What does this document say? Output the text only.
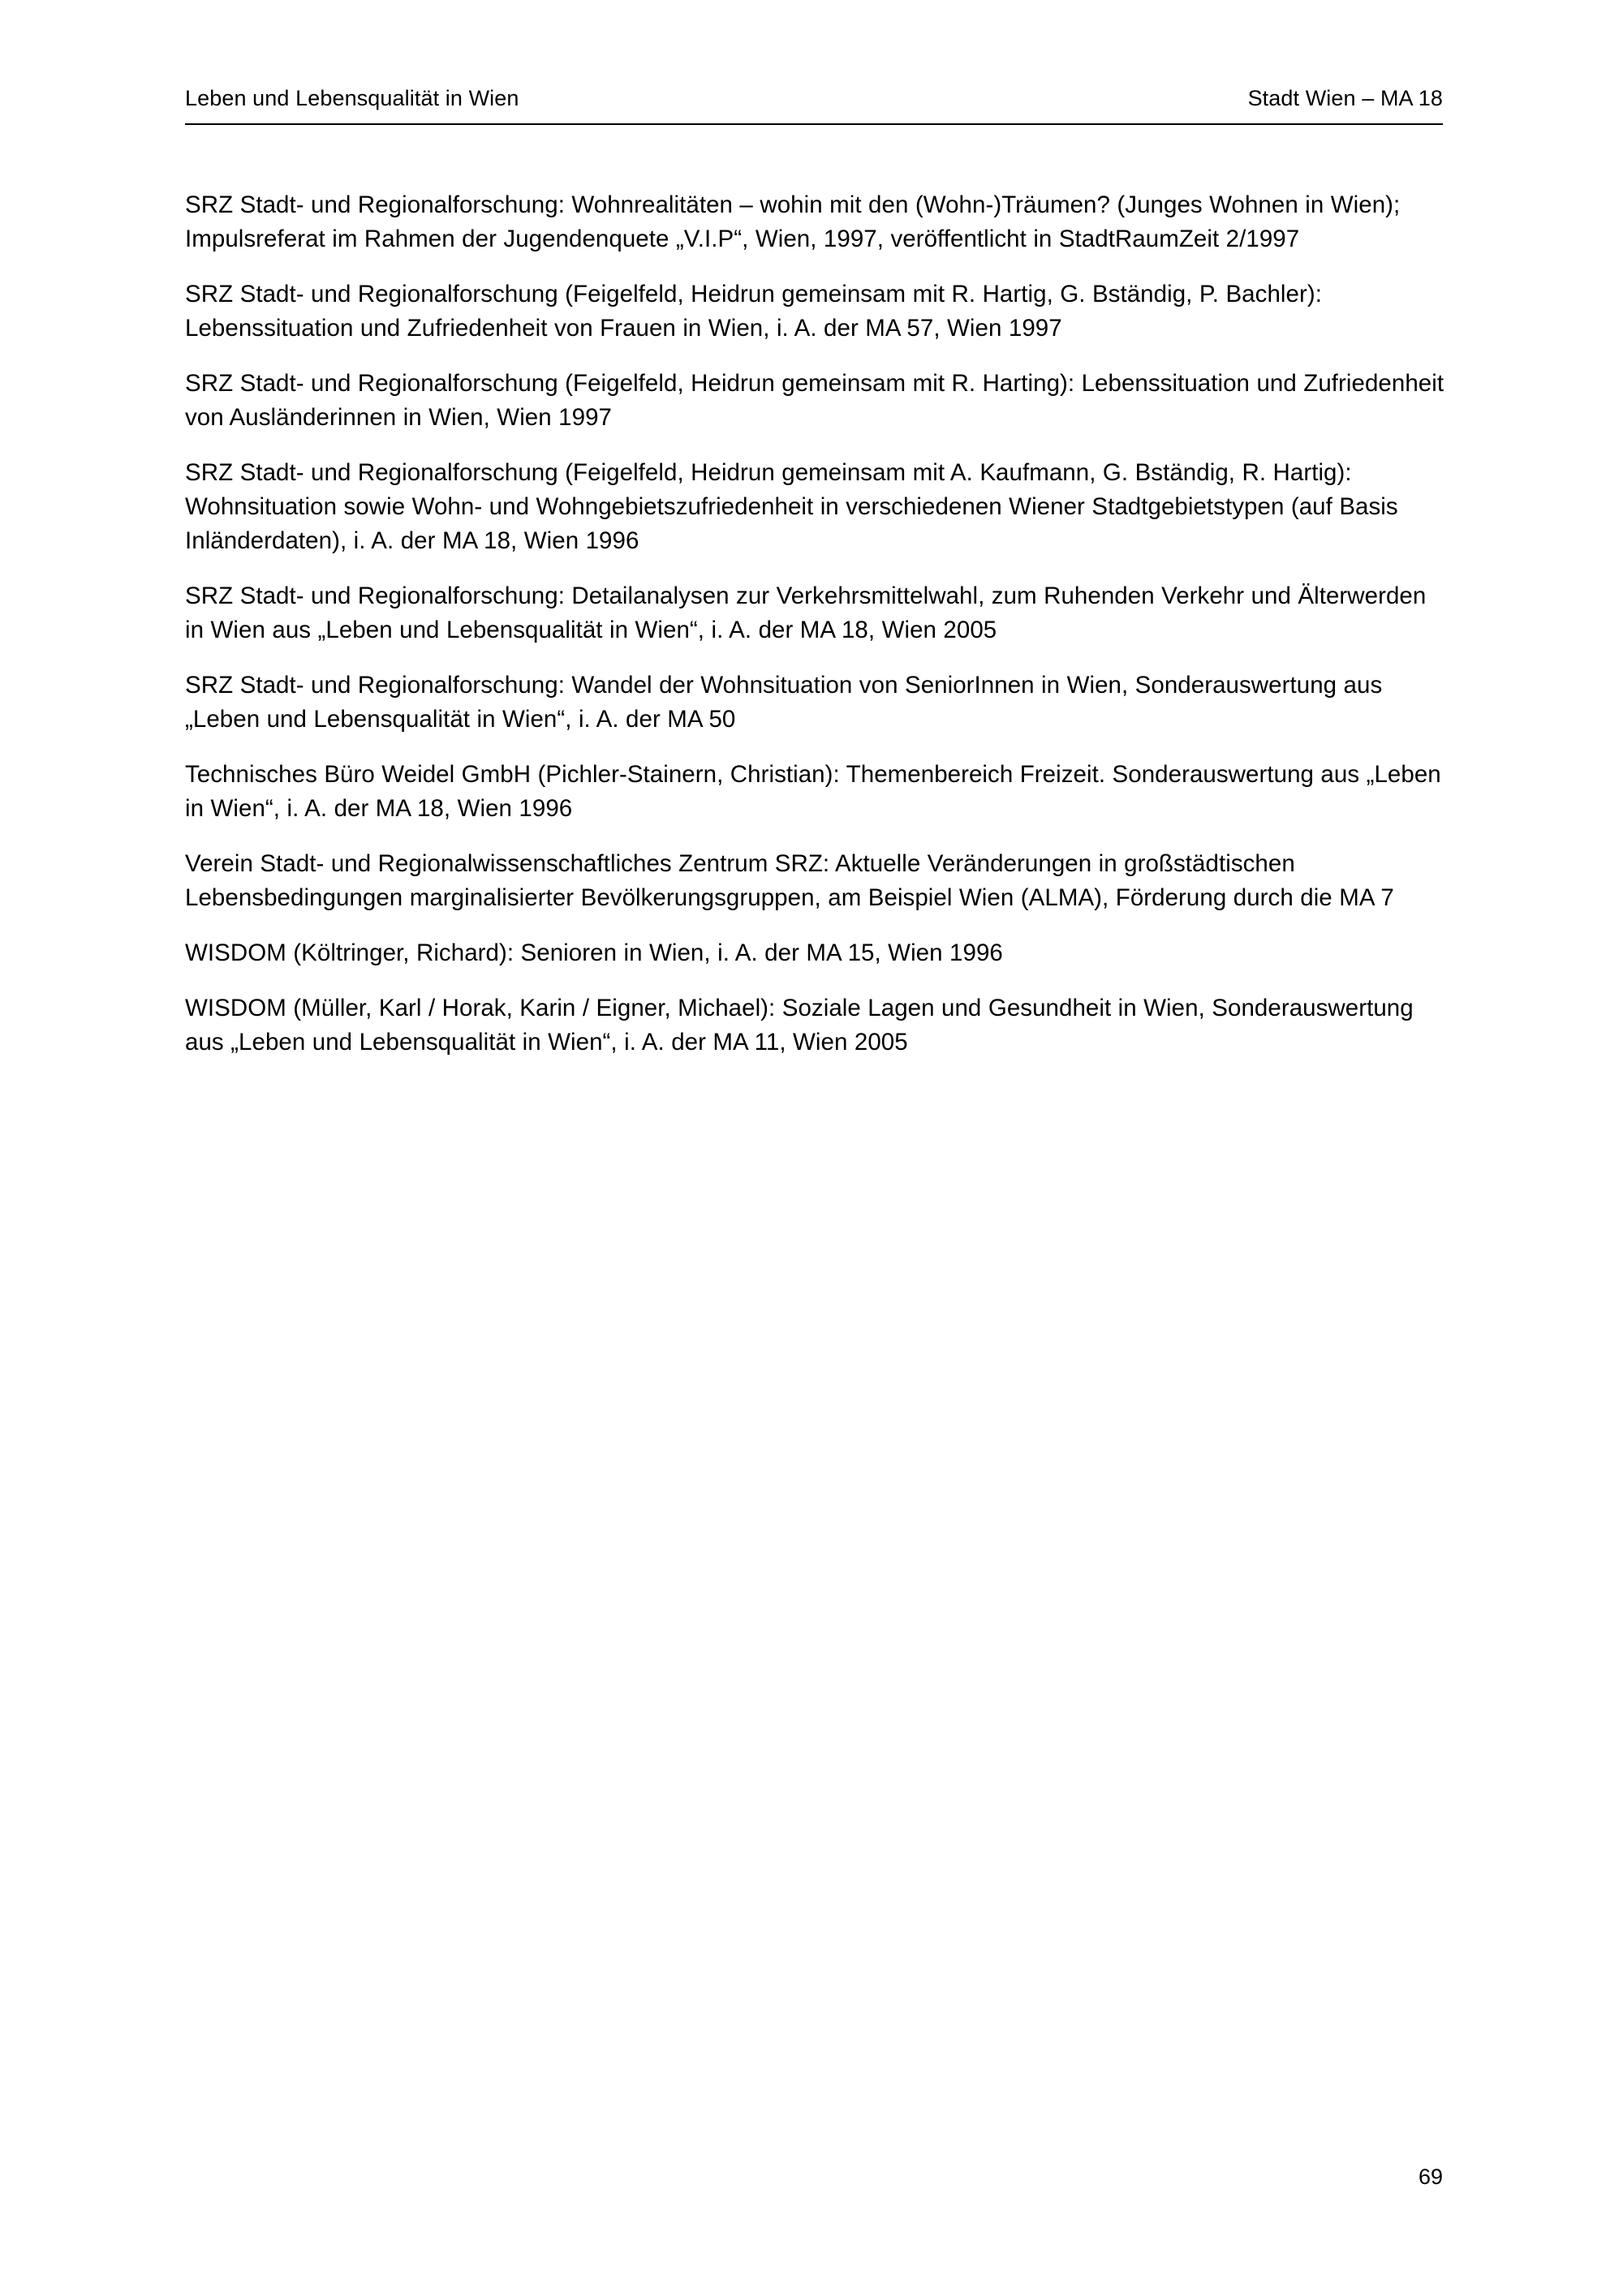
Leben und Lebensqualität in Wien	Stadt Wien – MA 18

SRZ Stadt- und Regionalforschung: Wohnrealitäten – wohin mit den (Wohn-)Träumen? (Junges Wohnen in Wien); Impulsreferat im Rahmen der Jugendenquete „V.I.P“, Wien, 1997, veröffentlicht in StadtRaumZeit 2/1997

SRZ Stadt- und Regionalforschung (Feigelfeld, Heidrun gemeinsam mit R. Hartig, G. Bständig, P. Bachler): Lebenssituation und Zufriedenheit von Frauen in Wien, i. A. der MA 57, Wien 1997

SRZ Stadt- und Regionalforschung (Feigelfeld, Heidrun gemeinsam mit R. Harting): Lebenssituation und Zufriedenheit von Ausländerinnen in Wien, Wien 1997

SRZ Stadt- und Regionalforschung (Feigelfeld, Heidrun gemeinsam mit A. Kaufmann, G. Bständig, R. Hartig): Wohnsituation sowie Wohn- und Wohngebietszufriedenheit in verschiedenen Wiener Stadtgebietstypen (auf Basis Inländerdaten), i. A. der MA 18, Wien 1996

SRZ Stadt- und Regionalforschung: Detailanalysen zur Verkehrsmittelwahl, zum Ruhenden Verkehr und Älterwerden in Wien aus „Leben und Lebensqualität in Wien“, i. A. der MA 18, Wien 2005

SRZ Stadt- und Regionalforschung: Wandel der Wohnsituation von SeniorInnen in Wien, Sonderauswertung aus „Leben und Lebensqualität in Wien“, i. A. der MA 50

Technisches Büro Weidel GmbH (Pichler-Stainern, Christian): Themenbereich Freizeit. Sonderauswertung aus „Leben in Wien“, i. A. der MA 18, Wien 1996

Verein Stadt- und Regionalwissenschaftliches Zentrum SRZ: Aktuelle Veränderungen in großstädtischen Lebensbedingungen marginalisierter Bevölkerungsgruppen, am Beispiel Wien (ALMA), Förderung durch die MA 7

WISDOM (Költringer, Richard): Senioren in Wien, i. A. der MA 15, Wien 1996

WISDOM (Müller, Karl / Horak, Karin / Eigner, Michael): Soziale Lagen und Gesundheit in Wien, Sonderauswertung aus „Leben und Lebensqualität in Wien“, i. A. der MA 11, Wien 2005

69
